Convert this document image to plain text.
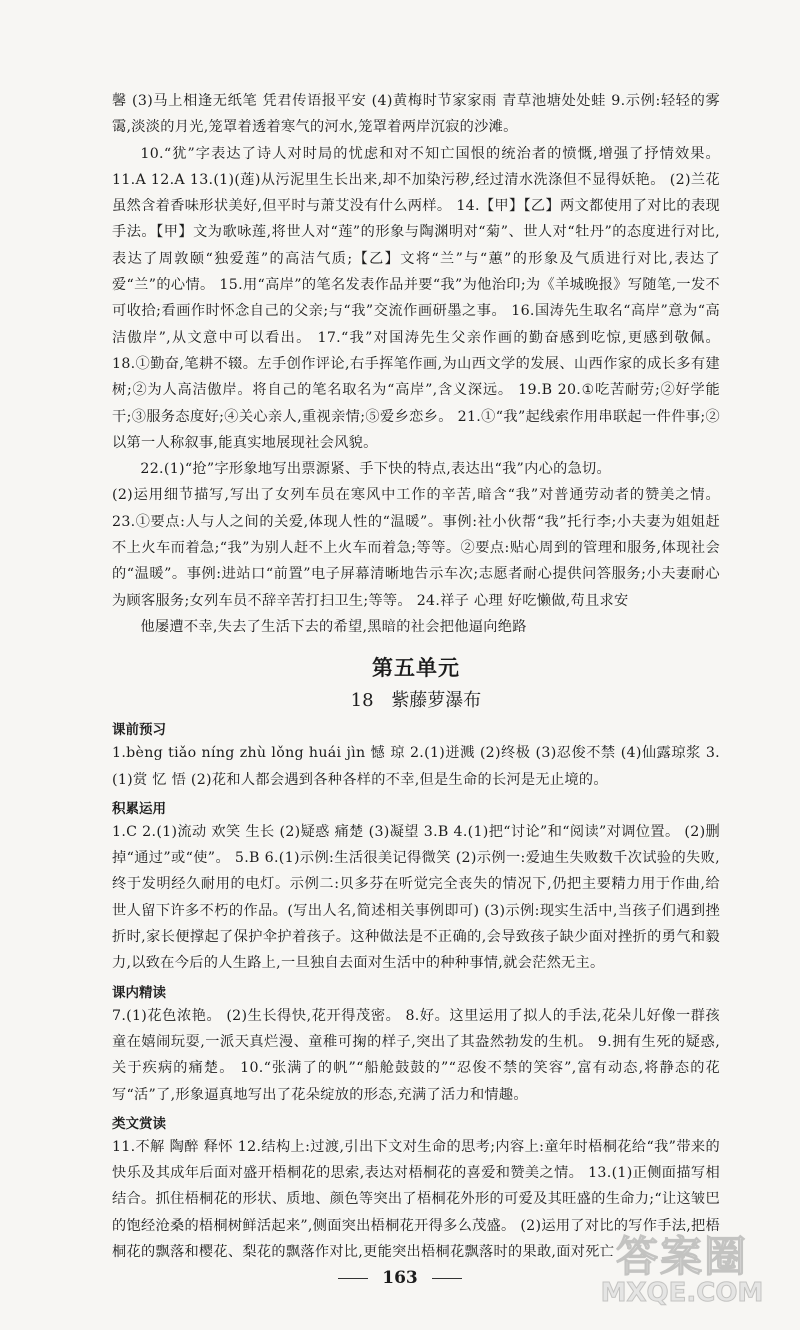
馨 (3)马上相逢无纸笔 凭君传语报平安 (4)黄梅时节家家雨 青草池塘处处蛙 9.示例:轻轻的雾霭,淡淡的月光,笼罩着透着寒气的河水,笼罩着两岸沉寂的沙滩。

10.“犹”字表达了诗人对时局的忧虑和对不知亡国恨的统治者的愤慨,增强了抒情效果。 11.A 12.A 13.(1)(莲)从污泥里生长出来,却不加染污秽,经过清水洗涤但不显得妖艳。 (2)兰花虽然含着香味形状美好,但平时与萧艾没有什么两样。 14.【甲】【乙】两文都使用了对比的表现手法。【甲】文为歌咏莲,将世人对“莲”的形象与陶渊明对“菊”、世人对“牡丹”的态度进行对比,表达了周敦颐“独爱莲”的高洁气质;【乙】文将“兰”与“蕙”的形象及气质进行对比,表达了爱“兰”的心情。 15.用“高岸”的笔名发表作品并要“我”为他治印;为《羊城晚报》写随笔,一发不可收拾;看画作时怀念自己的父亲;与“我”交流作画研墨之事。 16.国涛先生取名“高岸”意为“高洁傲岸”,从文意中可以看出。 17.“我”对国涛先生父亲作画的勤奋感到吃惊,更感到敬佩。 18.①勤奋,笔耕不辍。左手创作评论,右手挥笔作画,为山西文学的发展、山西作家的成长多有建树;②为人高洁傲岸。将自己的笔名取名为“高岸”,含义深远。 19.B 20.①吃苦耐劳;②好学能干;③服务态度好;④关心亲人,重视亲情;⑤爱乡恋乡。 21.①“我”起线索作用串联起一件件事;②以第一人称叙事,能真实地展现社会风貌。

22.(1)“抢”字形象地写出票源紧、手下快的特点,表达出“我”内心的急切。

(2)运用细节描写,写出了女列车员在寒风中工作的辛苦,暗含“我”对普通劳动者的赞美之情。 23.①要点:人与人之间的关爱,体现人性的“温暖”。事例:社小伙帮“我”托行李;小夫妻为姐姐赶不上火车而着急;“我”为别人赶不上火车而着急;等等。②要点:贴心周到的管理和服务,体现社会的“温暖”。事例:进站口“前置”电子屏幕清晰地告示车次;志愿者耐心提供问答服务;小夫妻耐心为顾客服务;女列车员不辞辛苦打扫卫生;等等。 24.祥子 心理 好吃懒做,苟且求安

他屡遭不幸,失去了生活下去的希望,黑暗的社会把他逼向绝路

第五单元
18 紫藤萝瀑布
课前预习

1.bèng tiǎo níng zhù lǒng huái jìn 憾 琼 2.(1)迸溅 (2)终极 (3)忍俊不禁 (4)仙露琼浆 3.(1)赏 忆 悟 (2)花和人都会遇到各种各样的不幸,但是生命的长河是无止境的。

积累运用

1.C 2.(1)流动 欢笑 生长 (2)疑惑 痛楚 (3)凝望 3.B 4.(1)把“讨论”和“阅读”对调位置。 (2)删掉“通过”或“使”。 5.B 6.(1)示例:生活很美记得微笑 (2)示例一:爱迪生失败数千次试验的失败,终于发明经久耐用的电灯。示例二:贝多芬在听觉完全丧失的情况下,仍把主要精力用于作曲,给世人留下许多不朽的作品。(写出人名,简述相关事例即可) (3)示例:现实生活中,当孩子们遇到挫折时,家长便撑起了保护伞护着孩子。这种做法是不正确的,会导致孩子缺少面对挫折的勇气和毅力,以致在今后的人生路上,一旦独自去面对生活中的种种事情,就会茫然无主。

课内精读

7.(1)花色浓艳。 (2)生长得快,花开得茂密。 8.好。这里运用了拟人的手法,花朵儿好像一群孩童在嬉闹玩耍,一派天真烂漫、童稚可掬的样子,突出了其盎然勃发的生机。 9.拥有生死的疑惑,关于疾病的痛楚。 10.“张满了的帆”“船舱鼓鼓的”“忍俊不禁的笑容”,富有动态,将静态的花写“活”了,形象逼真地写出了花朵绽放的形态,充满了活力和情趣。

类文赏读

11.不解 陶醉 释怀 12.结构上:过渡,引出下文对生命的思考;内容上:童年时梧桐花给“我”带来的快乐及其成年后面对盛开梧桐花的思索,表达对梧桐花的喜爱和赞美之情。 13.(1)正侧面描写相结合。抓住梧桐花的形状、质地、颜色等突出了梧桐花外形的可爱及其旺盛的生命力;“让这皱巴的饱经沧桑的梧桐树鲜活起来”,侧面突出梧桐花开得多么茂盛。 (2)运用了对比的写作手法,把梧桐花的飘落和樱花、梨花的飘落作对比,更能突出梧桐花飘落时的果敢,面对死亡

163	答案圈
MXQE.COM
